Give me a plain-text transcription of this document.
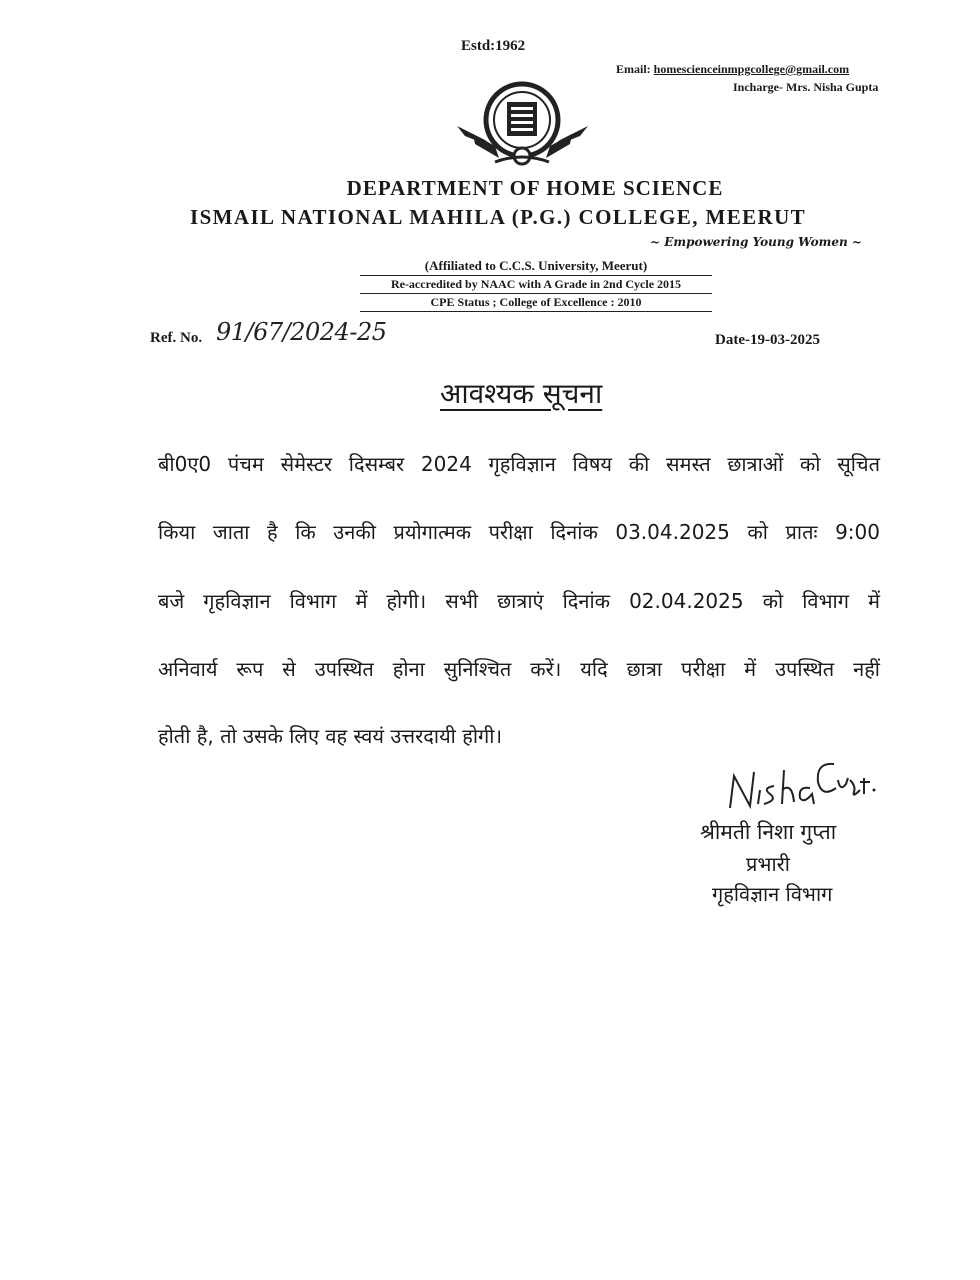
Estd:1962
Email: homescienceinmpgcollege@gmail.com
Incharge- Mrs. Nisha Gupta
DEPARTMENT OF HOME SCIENCE
ISMAIL NATIONAL MAHILA (P.G.) COLLEGE, MEERUT
~ Empowering Young Women ~
(Affiliated to C.C.S. University, Meerut)
Re-accredited by NAAC with A Grade in 2nd Cycle 2015
CPE Status ; College of Excellence : 2010
Ref. No. 91/67/2024-25	Date-19-03-2025
आवश्यक सूचना
बी0ए0 पंचम सेमेस्टर दिसम्बर 2024 गृहविज्ञान विषय की समस्त छात्राओं को सूचित
किया जाता है कि उनकी प्रयोगात्मक परीक्षा दिनांक 03.04.2025 को प्रातः 9:00
बजे गृहविज्ञान विभाग में होगी। सभी छात्राएं दिनांक 02.04.2025 को विभाग में
अनिवार्य रूप से उपस्थित होना सुनिश्चित करें। यदि छात्रा परीक्षा में उपस्थित नहीं
होती है, तो उसके लिए वह स्वयं उत्तरदायी होगी।
श्रीमती निशा गुप्ता
प्रभारी
गृहविज्ञान विभाग
